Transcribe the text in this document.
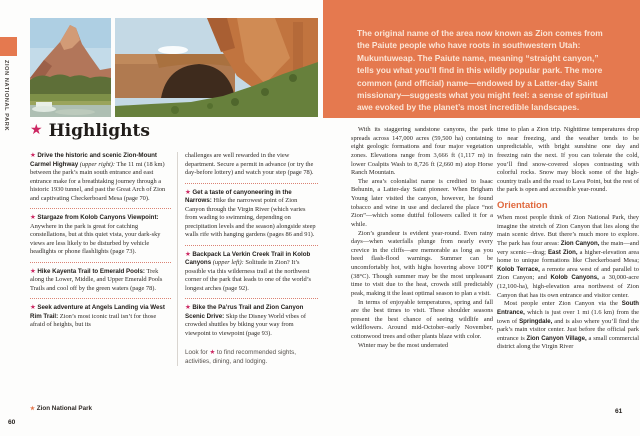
ZION NATIONAL PARK ★ Highlights
★ Drive the historic and scenic Zion-Mount Carmel Highway (upper right): The 11 mi (18 km) between the park’s main south entrance and east entrance make for a breathtaking journey through a historic 1930 tunnel, and past the Great Arch of Zion and captivating Checkerboard Mesa (page 70).
★ Stargaze from Kolob Canyons Viewpoint: Anywhere in the park is great for catching constellations, but at this quiet vista, your dark-sky views are less likely to be disturbed by vehicle headlights or phone flashlights (page 73).
★ Hike Kayenta Trail to Emerald Pools: Trek along the Lower, Middle, and Upper Emerald Pools Trails and cool off by the green waters (page 78).
★ Seek adventure at Angels Landing via West Rim Trail: Zion’s most iconic trail isn’t for those afraid of heights, but its
challenges are well rewarded in the view department. Secure a permit in advance (or try the day-before lottery) and watch your step (page 78).
★ Get a taste of canyoneering in the Narrows: Hike the narrowest point of Zion Canyon through the Virgin River (which varies from wading to swimming, depending on precipitation levels and the season) alongside steep walls rife with hanging gardens (pages 86 and 91).
★ Backpack La Verkin Creek Trail in Kolob Canyons (upper left): Solitude in Zion? It’s possible via this wilderness trail at the northwest corner of the park that leads to one of the world’s longest arches (page 92).
★ Bike the Pa’rus Trail and Zion Canyon Scenic Drive: Skip the Disney World vibes of crowded shuttles by biking your way from viewpoint to viewpoint (page 93).
Look for ★ to find recommended sights, activities, dining, and lodging.

The original name of the area now known as Zion comes from the Paiute people who have roots in southwestern Utah: Mukuntuweap. The Paiute name, meaning “straight canyon,” tells you what you’ll find in this wildly popular park. The more common (and official) name—endowed by a Latter-day Saint missionary—suggests what you might feel: a sense of spiritual awe evoked by the planet’s most incredible landscapes.

With its staggering sandstone canyons, the park spreads across 147,000 acres (59,500 ha) containing eight geologic formations and four major vegetation zones. Elevations range from 3,666 ft (1,117 m) in lower Coalpits Wash to 8,726 ft (2,660 m) atop Horse Ranch Mountain.

The area’s colonialist name is credited to Isaac Behunin, a Latter-day Saint pioneer. When Brigham Young later visited the canyon, however, he found tobacco and wine in use and declared the place “not Zion”—which some dutiful followers called it for a while.

Zion’s grandeur is evident year-round. Even rainy days—when waterfalls plunge from nearly every crevice in the cliffs—are memorable as long as you heed flash-flood warnings. Summer can be uncomfortably hot, with highs hovering above 100°F (38°C). Though summer may be the most unpleasant time to visit due to the heat, crowds still predictably peak, making it the least optimal season to plan a visit.

In terms of enjoyable temperatures, spring and fall are the best times to visit. These shoulder seasons present the best chance of seeing wildlife and wildflowers. Around mid-October–early November, cottonwood trees and other plants blaze with color.

Winter may be the most underrated

time to plan a Zion trip. Nighttime temperatures drop to near freezing, and the weather tends to be unpredictable, with bright sunshine one day and freezing rain the next. If you can tolerate the cold, you’ll find snow-covered slopes contrasting with colorful rocks. Snow may block some of the high-country trails and the road to Lava Point, but the rest of the park is open and accessible year-round.

Orientation

When most people think of Zion National Park, they imagine the stretch of Zion Canyon that lies along the main scenic drive. But there’s much more to explore. The park has four areas: Zion Canyon, the main—and very scenic—drag; East Zion, a higher-elevation area home to unique formations like Checkerboard Mesa; Kolob Terrace, a remote area west of and parallel to Zion Canyon; and Kolob Canyons, a 30,000-acre (12,100-ha), high-elevation area northwest of Zion Canyon that has its own entrance and visitor center.

Most people enter Zion Canyon via the South Entrance, which is just over 1 mi (1.6 km) from the town of Springdale, and is also where you’ll find the park’s main visitor center. Just before the official park entrance is Zion Canyon Village, a small commercial district along the Virgin River

★ Zion National Park
60
61
